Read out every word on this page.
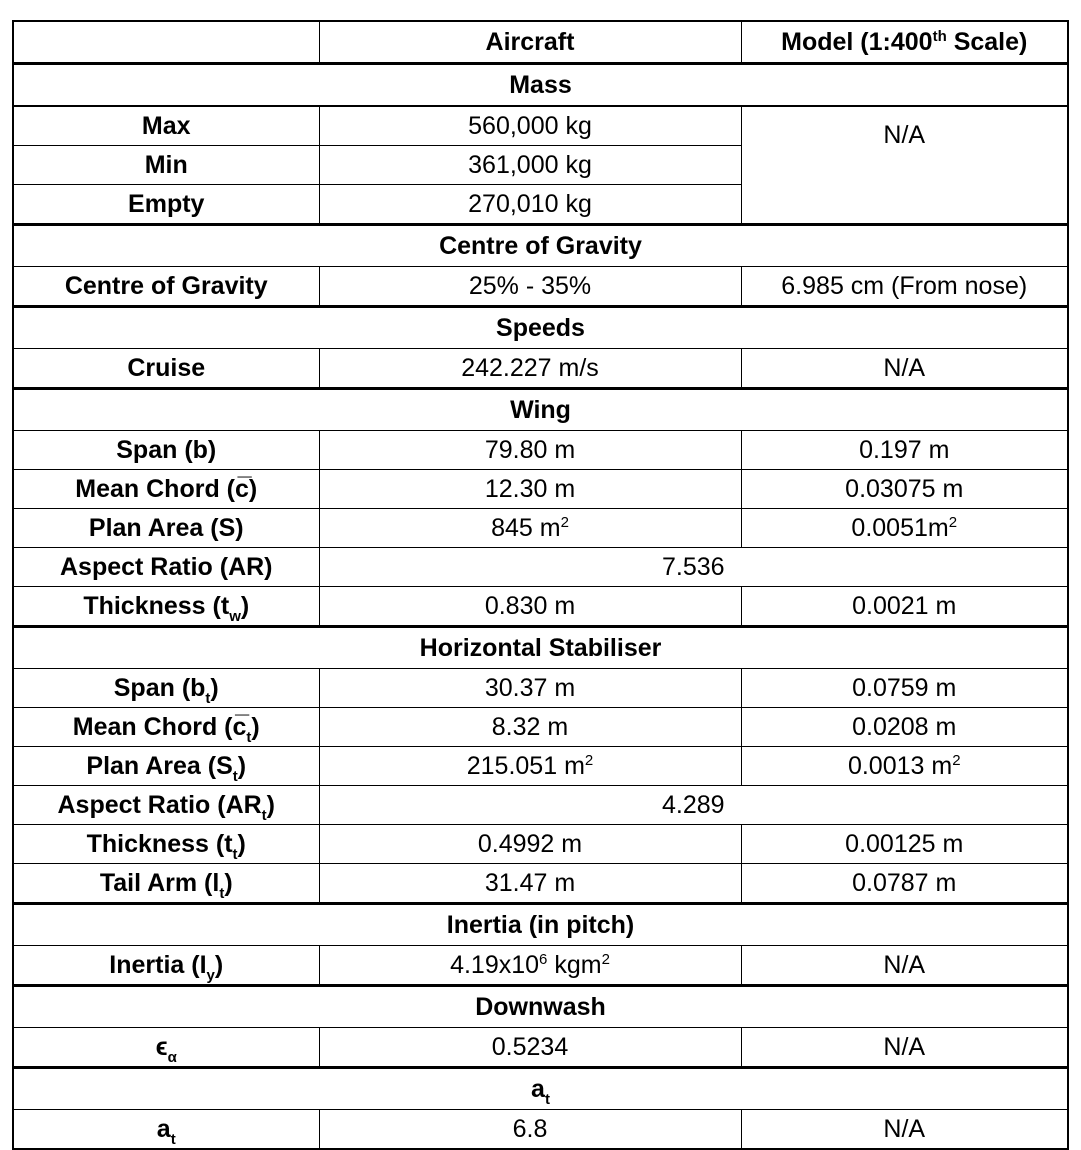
	Aircraft	Model (1:400th Scale)
Mass		
Max	560,000 kg	N/A
Min	361,000 kg	
Empty	270,010 kg	
Centre of Gravity		
Centre of Gravity	25% - 35%	6.985 cm (From nose)
Speeds		
Cruise	242.227 m/s	N/A
Wing		
Span (b)	79.80 m	0.197 m
Mean Chord (c̅)	12.30 m	0.03075 m
Plan Area (S)	845 $m^2$	$0.0051m^2$
Aspect Ratio (AR)	7.536	
Thickness $(t_w)$	0.830 m	0.0021 m
Horizontal Stabiliser		
Span $(b_t)$	30.37 m	0.0759 m
Mean Chord $(c̅_t)$	8.32 m	0.0208 m
Plan Area $(S_t)$	215.051 $m^2$	0.0013 $m^2$
Aspect Ratio $(AR_t)$	4.289	
Thickness $(t_t)$	0.4992 m	0.00125 m
Tail Arm $(l_t)$	31.47 m	0.0787 m
Inertia (in pitch)		
Inertia $(I_y)$	$4.19x10^6$ kgm$^2$	N/A
Downwash		
$\epsilon_\alpha$	0.5234	N/A
$a_t$
$a_t$	6.8	N/A
